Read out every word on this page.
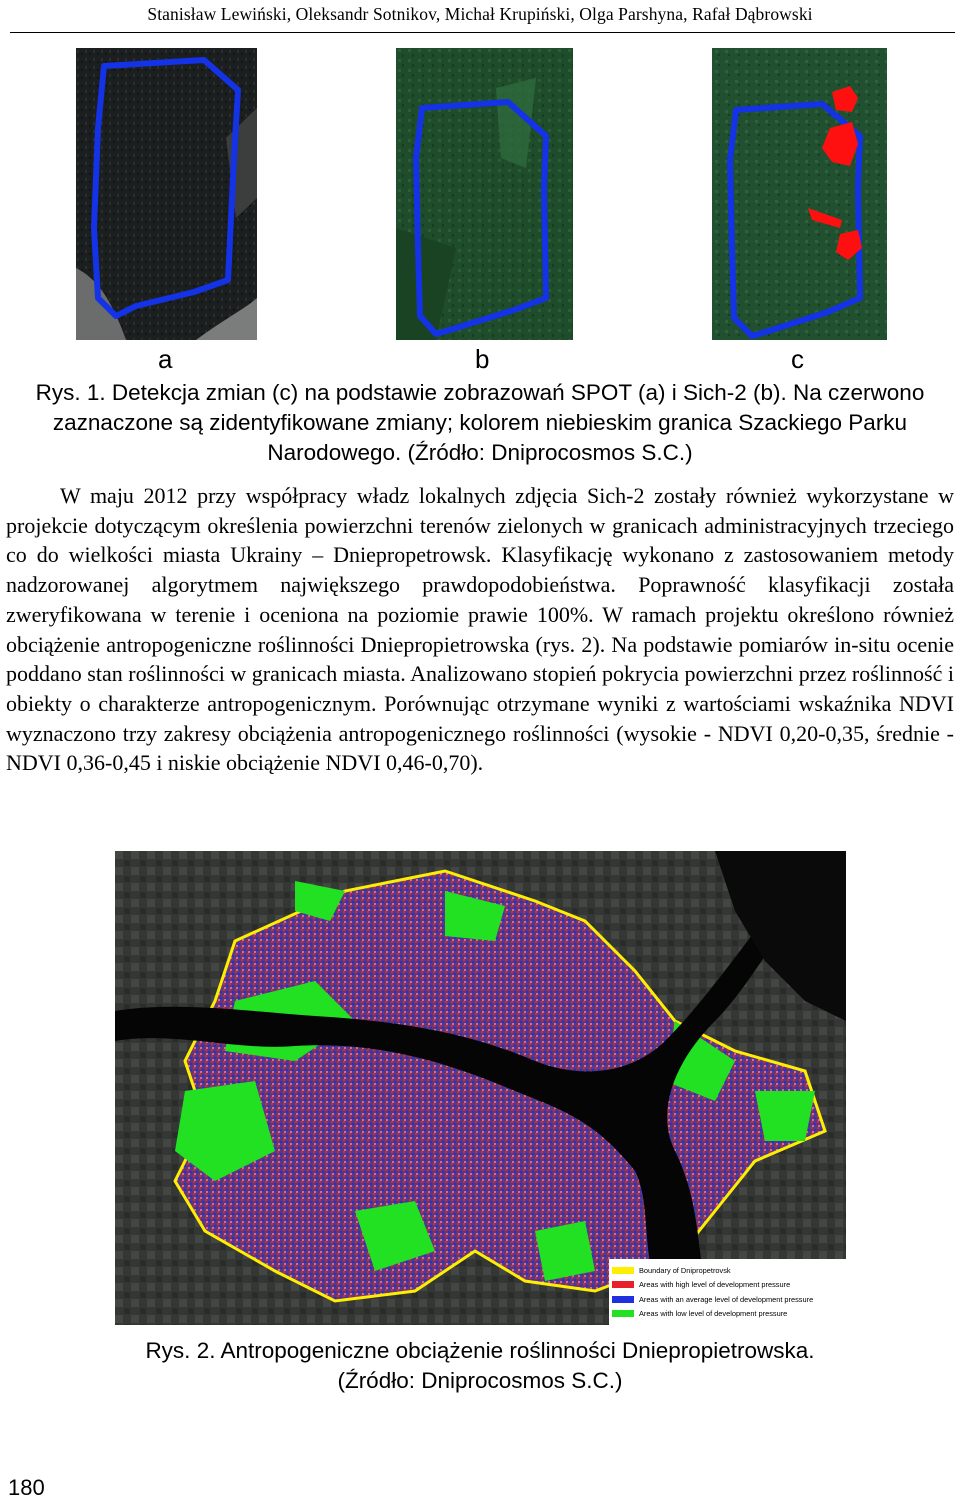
Stanisław Lewiński, Oleksandr Sotnikov, Michał Krupiński, Olga Parshyna, Rafał Dąbrowski
a	b	c
Rys. 1. Detekcja zmian (c) na podstawie zobrazowań SPOT (a) i Sich-2 (b). Na czerwono
zaznaczone są zidentyfikowane zmiany; kolorem niebieskim granica Szackiego Parku
Narodowego. (Źródło: Dniprocosmos S.C.)

W maju 2012 przy współpracy władz lokalnych zdjęcia Sich-2 zostały również wykorzystane w projekcie dotyczącym określenia powierzchni terenów zielonych w granicach administracyjnych trzeciego co do wielkości miasta Ukrainy – Dniepropetrowsk. Klasyfikację wykonano z zastosowaniem metody nadzorowanej algorytmem największego prawdopodobieństwa. Poprawność klasyfikacji została zweryfikowana w terenie i oceniona na poziomie prawie 100%. W ramach projektu określono również obciążenie antropogeniczne roślinności Dniepropietrowska (rys. 2). Na podstawie pomiarów in-situ ocenie poddano stan roślinności w granicach miasta. Analizowano stopień pokrycia powierzchni przez roślinność i obiekty o charakterze antropogenicznym. Porównując otrzymane wyniki z wartościami wskaźnika NDVI wyznaczono trzy zakresy obciążenia antropogenicznego roślinności (wysokie - NDVI 0,20-0,35, średnie - NDVI 0,36-0,45 i niskie obciążenie NDVI 0,46-0,70).

Boundary of Dnipropetrovsk
Areas with high level of development pressure
Areas with an average level of development pressure
Areas with low level of development pressure
Rys. 2. Antropogeniczne obciążenie roślinności Dniepropietrowska.
(Źródło: Dniprocosmos S.C.)
180
